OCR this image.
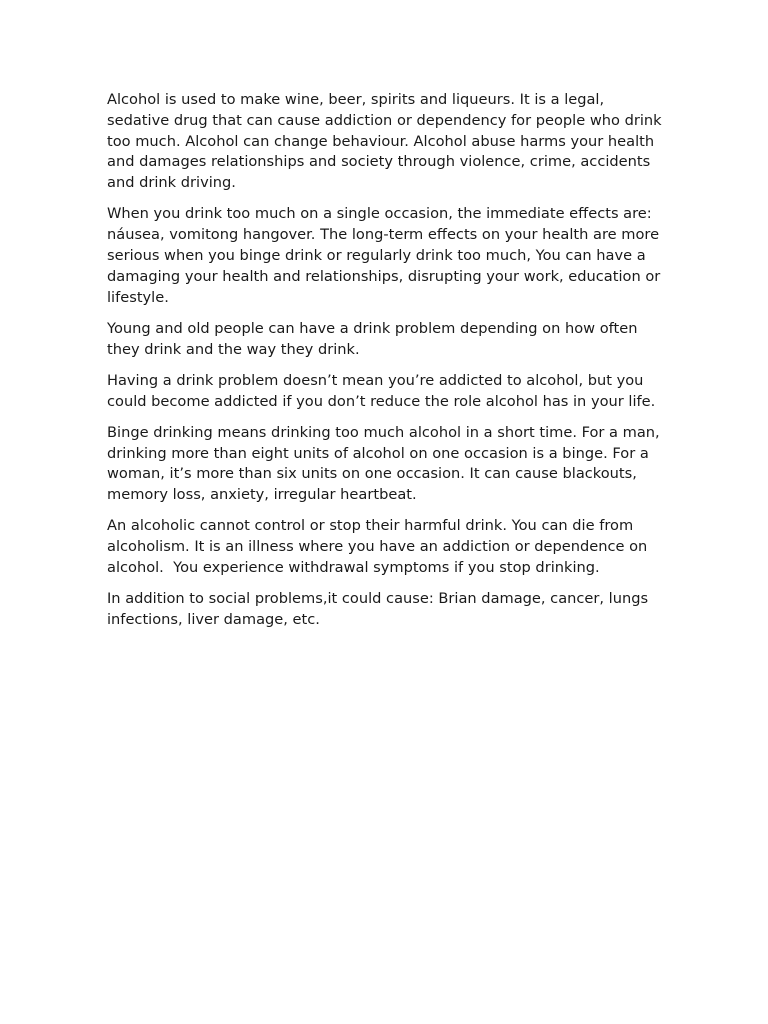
Alcohol is used to make wine, beer, spirits and liqueurs. It is a legal, sedative drug that can cause addiction or dependency for people who drink too much. Alcohol can change behaviour. Alcohol abuse harms your health and damages relationships and society through violence, crime, accidents and drink driving.

When you drink too much on a single occasion, the immediate effects are: náusea, vomitong hangover. The long-term effects on your health are more serious when you binge drink or regularly drink too much, You can have a damaging your health and relationships, disrupting your work, education or lifestyle.

Young and old people can have a drink problem depending on how often they drink and the way they drink.

Having a drink problem doesn’t mean you’re addicted to alcohol, but you could become addicted if you don’t reduce the role alcohol has in your life.

Binge drinking means drinking too much alcohol in a short time. For a man, drinking more than eight units of alcohol on one occasion is a binge. For a woman, it’s more than six units on one occasion. It can cause blackouts, memory loss, anxiety, irregular heartbeat.

An alcoholic cannot control or stop their harmful drink. You can die from alcoholism. It is an illness where you have an addiction or dependence on alcohol.  You experience withdrawal symptoms if you stop drinking.

In addition to social problems,it could cause: Brian damage, cancer, lungs infections, liver damage, etc.
